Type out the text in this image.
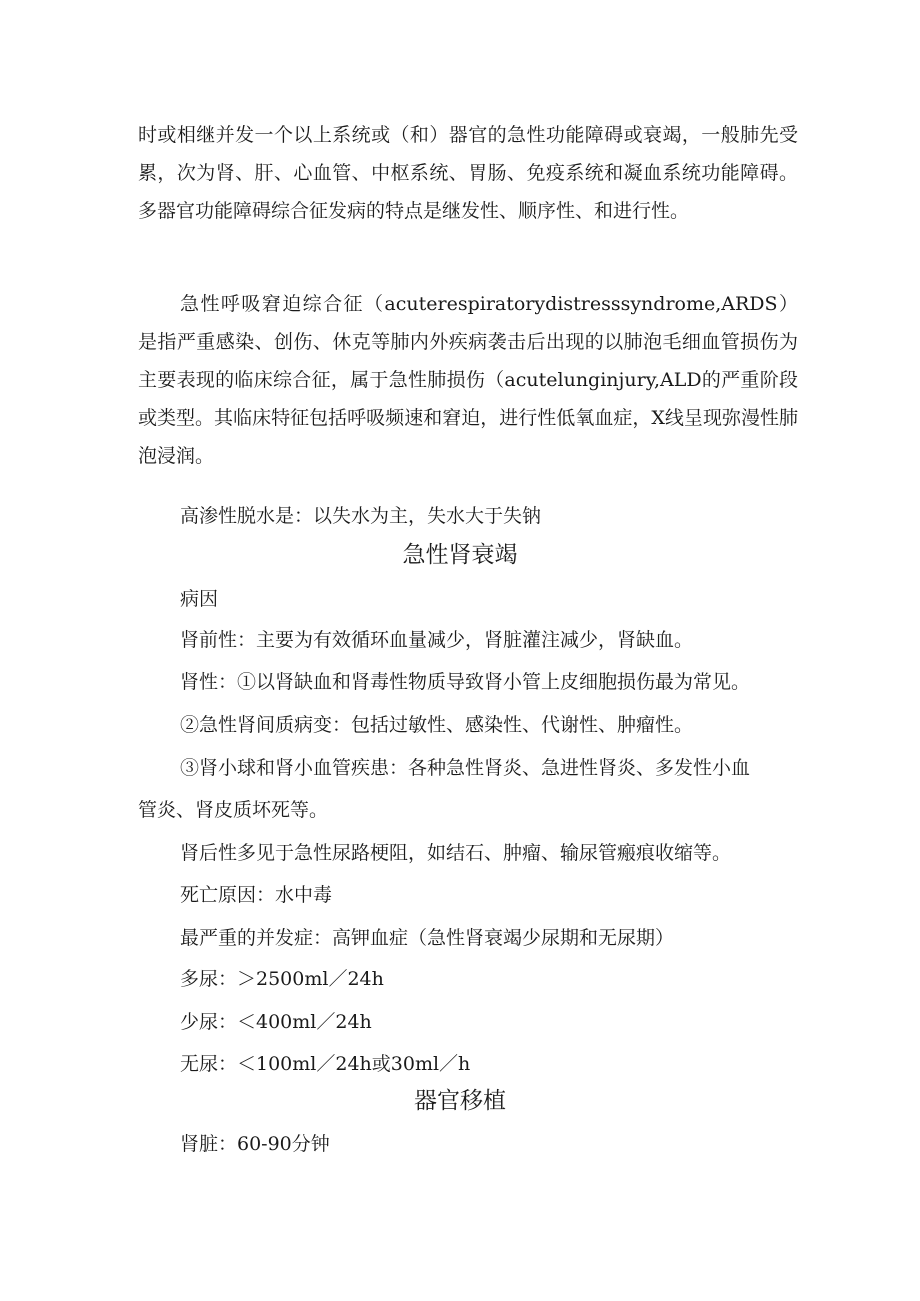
时或相继并发一个以上系统或（和）器官的急性功能障碍或衰竭，一般肺先受累，次为肾、肝、心血管、中枢系统、胃肠、免疫系统和凝血系统功能障碍。多器官功能障碍综合征发病的特点是继发性、顺序性、和进行性。

急性呼吸窘迫综合征（acuterespiratorydistresssyndrome,ARDS）是指严重感染、创伤、休克等肺内外疾病袭击后出现的以肺泡毛细血管损伤为主要表现的临床综合征，属于急性肺损伤（acutelunginjury,ALD的严重阶段或类型。其临床特征包括呼吸频速和窘迫，进行性低氧血症，X线呈现弥漫性肺泡浸润。

高渗性脱水是：以失水为主，失水大于失钠

急性肾衰竭

病因

肾前性：主要为有效循环血量减少，肾脏灌注减少，肾缺血。

肾性：①以肾缺血和肾毒性物质导致肾小管上皮细胞损伤最为常见。

②急性肾间质病变：包括过敏性、感染性、代谢性、肿瘤性。

③肾小球和肾小血管疾患：各种急性肾炎、急进性肾炎、多发性小血

管炎、肾皮质坏死等。

肾后性多见于急性尿路梗阻，如结石、肿瘤、输尿管瘢痕收缩等。

死亡原因：水中毒

最严重的并发症：高钾血症（急性肾衰竭少尿期和无尿期）

多尿：＞2500ml／24h

少尿：＜400ml／24h

无尿：＜100ml／24h或30ml／h

器官移植

肾脏：60-90分钟
